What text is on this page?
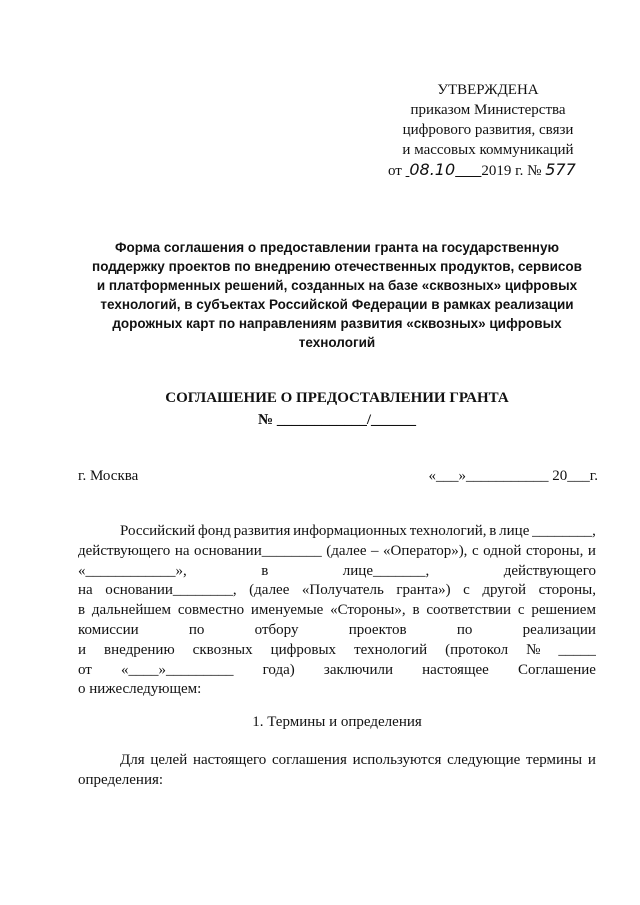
УТВЕРЖДЕНА
приказом Министерства
цифрового развития, связи
и массовых коммуникаций
от 08.10 2019 г. № 577
Форма соглашения о предоставлении гранта на государственную
поддержку проектов по внедрению отечественных продуктов, сервисов
и платформенных решений, созданных на базе «сквозных» цифровых
технологий, в субъектах Российской Федерации в рамках реализации
дорожных карт по направлениям развития «сквозных» цифровых
технологий
СОГЛАШЕНИЕ О ПРЕДОСТАВЛЕНИИ ГРАНТА
№ ____________/______
г. Москва	«___»___________ 20___г.
Российский фонд развития информационных технологий, в лице ________,
действующего на основании________ (далее – «Оператор»), с одной стороны, и
«____________»,	в	лице_______,	действующего
на основании________, (далее «Получатель гранта») с другой стороны,
в дальнейшем совместно именуемые «Стороны», в соответствии с решением
комиссии	по	отбору	проектов	по	реализации
и внедрению сквозных цифровых технологий (протокол № _____
от «____»_________ года) заключили настоящее Соглашение
о нижеследующем:
1. Термины и определения
Для целей настоящего соглашения используются следующие термины и
определения:
